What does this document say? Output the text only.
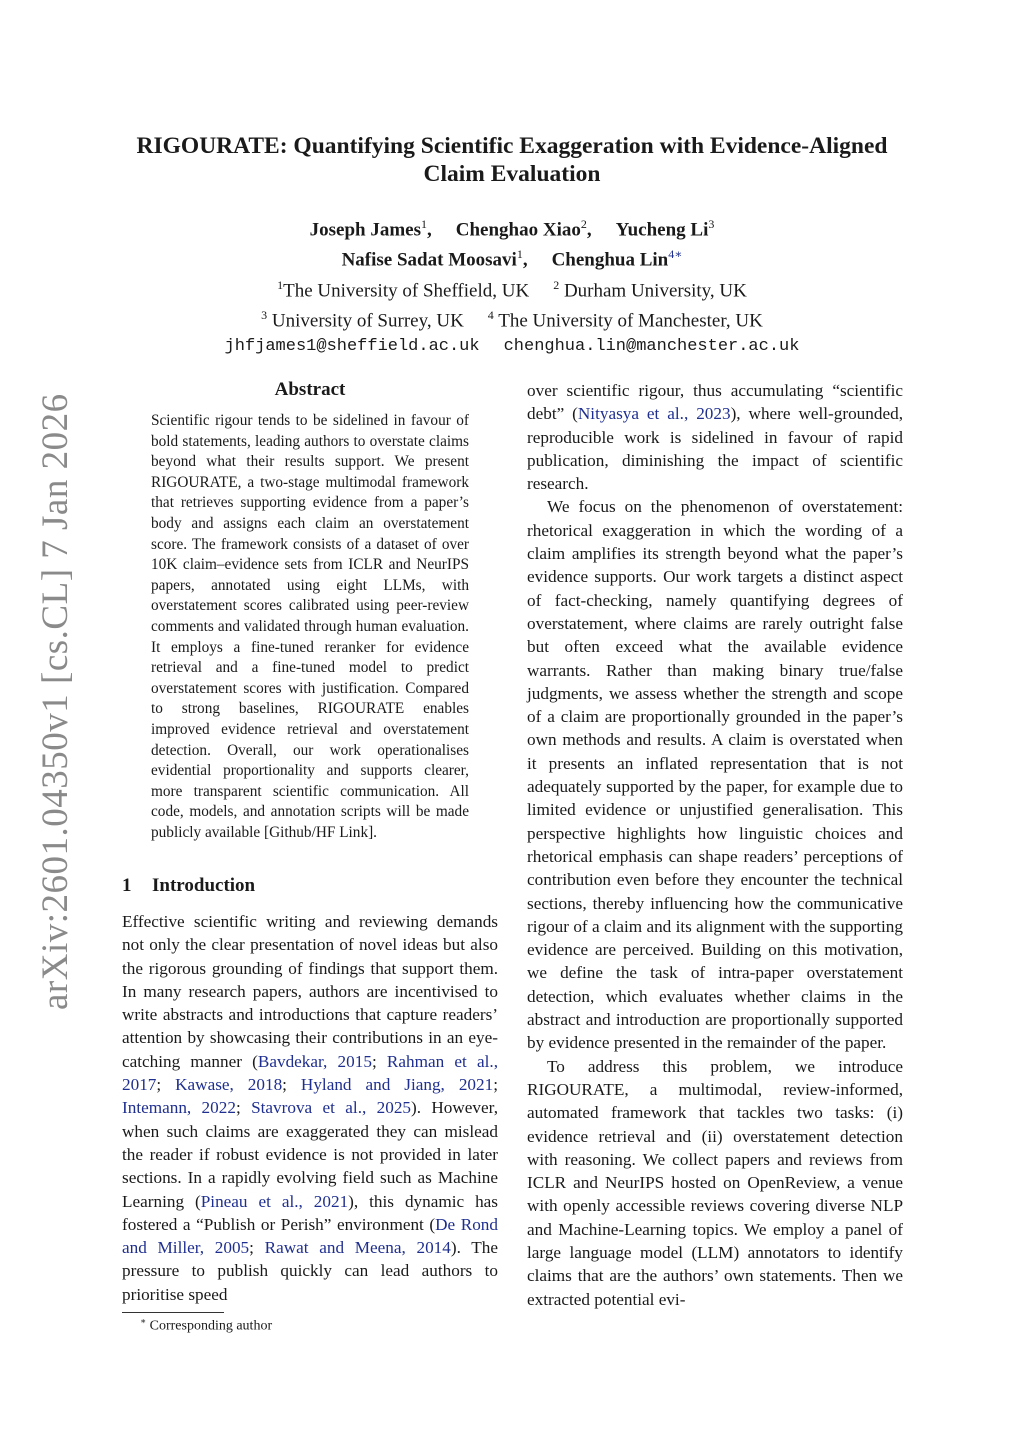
arXiv:2601.04350v1 [cs.CL] 7 Jan 2026
RIGOURATE: Quantifying Scientific Exaggeration with Evidence-Aligned
Claim Evaluation
Joseph James$^1$, Chenghao Xiao$^2$, Yucheng Li$^3$
Nafise Sadat Moosavi$^1$, Chenghua Lin$^{4∗}$
$^1$The University of Sheffield, UK $^2$ Durham University, UK
$^3$ University of Surrey, UK $^4$ The University of Manchester, UK
jhfjames1@sheffield.ac.uk chenghua.lin@manchester.ac.uk
Abstract
Scientific rigour tends to be sidelined in favour of bold statements, leading authors to overstate claims beyond what their results support. We present RIGOURATE, a two-stage multimodal framework that retrieves supporting evidence from a paper’s body and assigns each claim an overstatement score. The framework consists of a dataset of over 10K claim–evidence sets from ICLR and NeurIPS papers, annotated using eight LLMs, with overstatement scores calibrated using peer-review comments and validated through human evaluation. It employs a fine-tuned reranker for evidence retrieval and a fine-tuned model to predict overstatement scores with justification. Compared to strong baselines, RIGOURATE enables improved evidence retrieval and overstatement detection. Overall, our work operationalises evidential proportionality and supports clearer, more transparent scientific communication. All code, models, and annotation scripts will be made publicly available [Github/HF Link].
1 Introduction
Effective scientific writing and reviewing demands not only the clear presentation of novel ideas but also the rigorous grounding of findings that support them. In many research papers, authors are incentivised to write abstracts and introductions that capture readers’ attention by showcasing their contributions in an eye-catching manner (Bavdekar, 2015; Rahman et al., 2017; Kawase, 2018; Hyland and Jiang, 2021; Intemann, 2022; Stavrova et al., 2025). However, when such claims are exaggerated they can mislead the reader if robust evidence is not provided in later sections. In a rapidly evolving field such as Machine Learning (Pineau et al., 2021), this dynamic has fostered a “Publish or Perish” environment (De Rond and Miller, 2005; Rawat and Meena, 2014). The pressure to publish quickly can lead authors to prioritise speed
∗ Corresponding author

over scientific rigour, thus accumulating “scientific debt” (Nityasya et al., 2023), where well-grounded, reproducible work is sidelined in favour of rapid publication, diminishing the impact of scientific research.

We focus on the phenomenon of overstatement: rhetorical exaggeration in which the wording of a claim amplifies its strength beyond what the paper’s evidence supports. Our work targets a distinct aspect of fact-checking, namely quantifying degrees of overstatement, where claims are rarely outright false but often exceed what the available evidence warrants. Rather than making binary true/false judgments, we assess whether the strength and scope of a claim are proportionally grounded in the paper’s own methods and results. A claim is overstated when it presents an inflated representation that is not adequately supported by the paper, for example due to limited evidence or unjustified generalisation. This perspective highlights how linguistic choices and rhetorical emphasis can shape readers’ perceptions of contribution even before they encounter the technical sections, thereby influencing how the communicative rigour of a claim and its alignment with the supporting evidence are perceived. Building on this motivation, we define the task of intra-paper overstatement detection, which evaluates whether claims in the abstract and introduction are proportionally supported by evidence presented in the remainder of the paper.

To address this problem, we introduce RIGOURATE, a multimodal, review-informed, automated framework that tackles two tasks: (i) evidence retrieval and (ii) overstatement detection with reasoning. We collect papers and reviews from ICLR and NeurIPS hosted on OpenReview, a venue with openly accessible reviews covering diverse NLP and Machine-Learning topics. We employ a panel of large language model (LLM) annotators to identify claims that are the authors’ own statements. Then we extracted potential evi-
